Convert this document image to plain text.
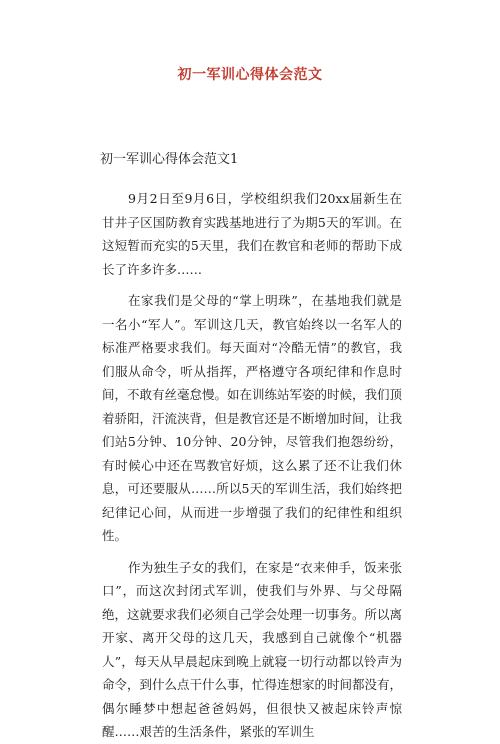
初一军训心得体会范文
初一军训心得体会范文1

9月2日至9月6日，学校组织我们20xx届新生在甘井子区国防教育实践基地进行了为期5天的军训。在这短暂而充实的5天里，我们在教官和老师的帮助下成长了许多许多……

在家我们是父母的“掌上明珠”，在基地我们就是一名小“军人”。军训这几天，教官始终以一名军人的标准严格要求我们。每天面对“冷酷无情”的教官，我们服从命令，听从指挥，严格遵守各项纪律和作息时间，不敢有丝毫怠慢。如在训练站军姿的时候，我们顶着骄阳，汗流浃背，但是教官还是不断增加时间，让我们站5分钟、10分钟、20分钟，尽管我们抱怨纷纷，有时候心中还在骂教官好烦，这么累了还不让我们休息，可还要服从……所以5天的军训生活，我们始终把纪律记心间，从而进一步增强了我们的纪律性和组织性。

作为独生子女的我们，在家是“衣来伸手，饭来张口”，而这次封闭式军训，使我们与外界、与父母隔绝，这就要求我们必须自己学会处理一切事务。所以离开家、离开父母的这几天，我感到自己就像个“机器人”，每天从早晨起床到晚上就寝一切行动都以铃声为命令，到什么点干什么事，忙得连想家的时间都没有，偶尔睡梦中想起爸爸妈妈，但很快又被起床铃声惊醒……艰苦的生活条件，紧张的军训生
